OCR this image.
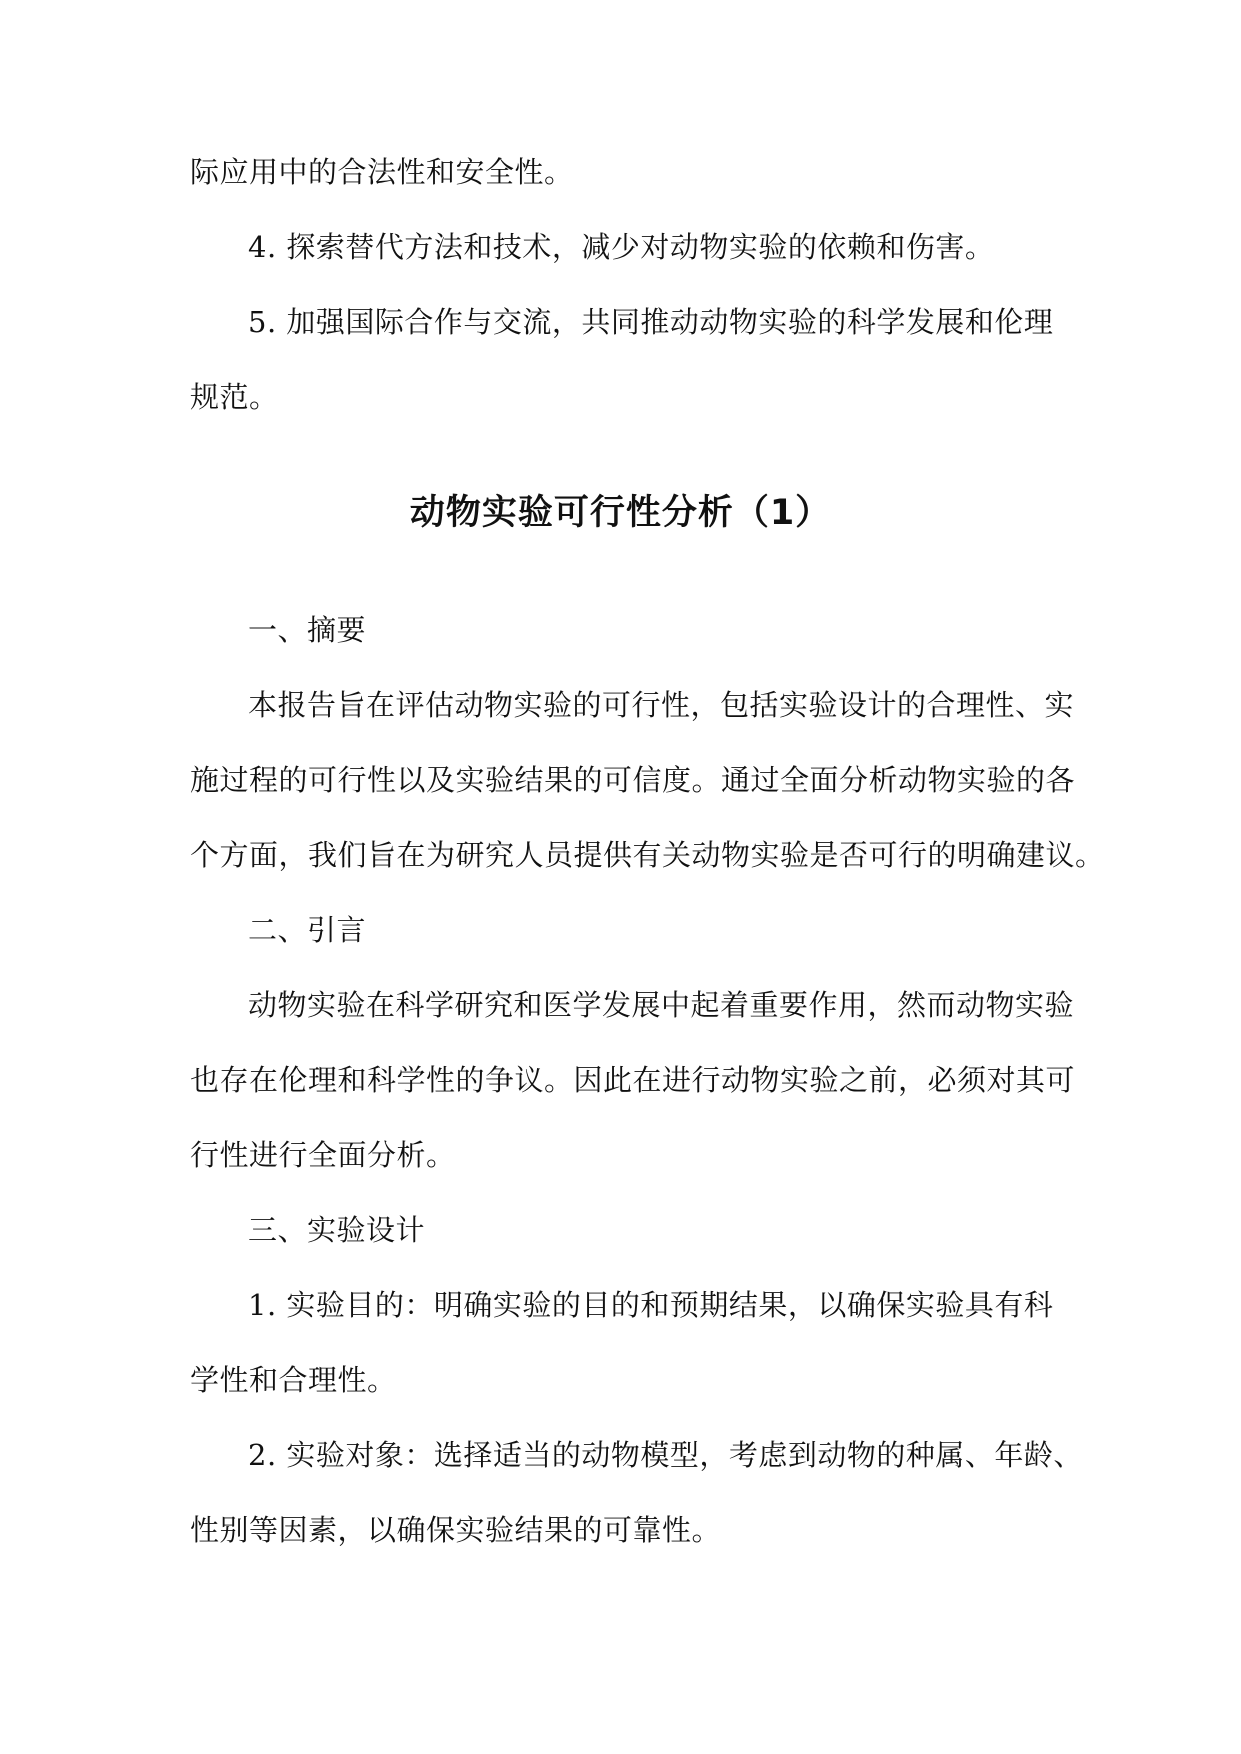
际应用中的合法性和安全性。
4. 探索替代方法和技术，减少对动物实验的依赖和伤害。
5. 加强国际合作与交流，共同推动动物实验的科学发展和伦理
规范。
动物实验可行性分析（1）
一、摘要
本报告旨在评估动物实验的可行性，包括实验设计的合理性、实
施过程的可行性以及实验结果的可信度。通过全面分析动物实验的各
个方面，我们旨在为研究人员提供有关动物实验是否可行的明确建议。
二、引言
动物实验在科学研究和医学发展中起着重要作用，然而动物实验
也存在伦理和科学性的争议。因此在进行动物实验之前，必须对其可
行性进行全面分析。
三、实验设计
1. 实验目的：明确实验的目的和预期结果，以确保实验具有科
学性和合理性。
2. 实验对象：选择适当的动物模型，考虑到动物的种属、年龄、
性别等因素，以确保实验结果的可靠性。
